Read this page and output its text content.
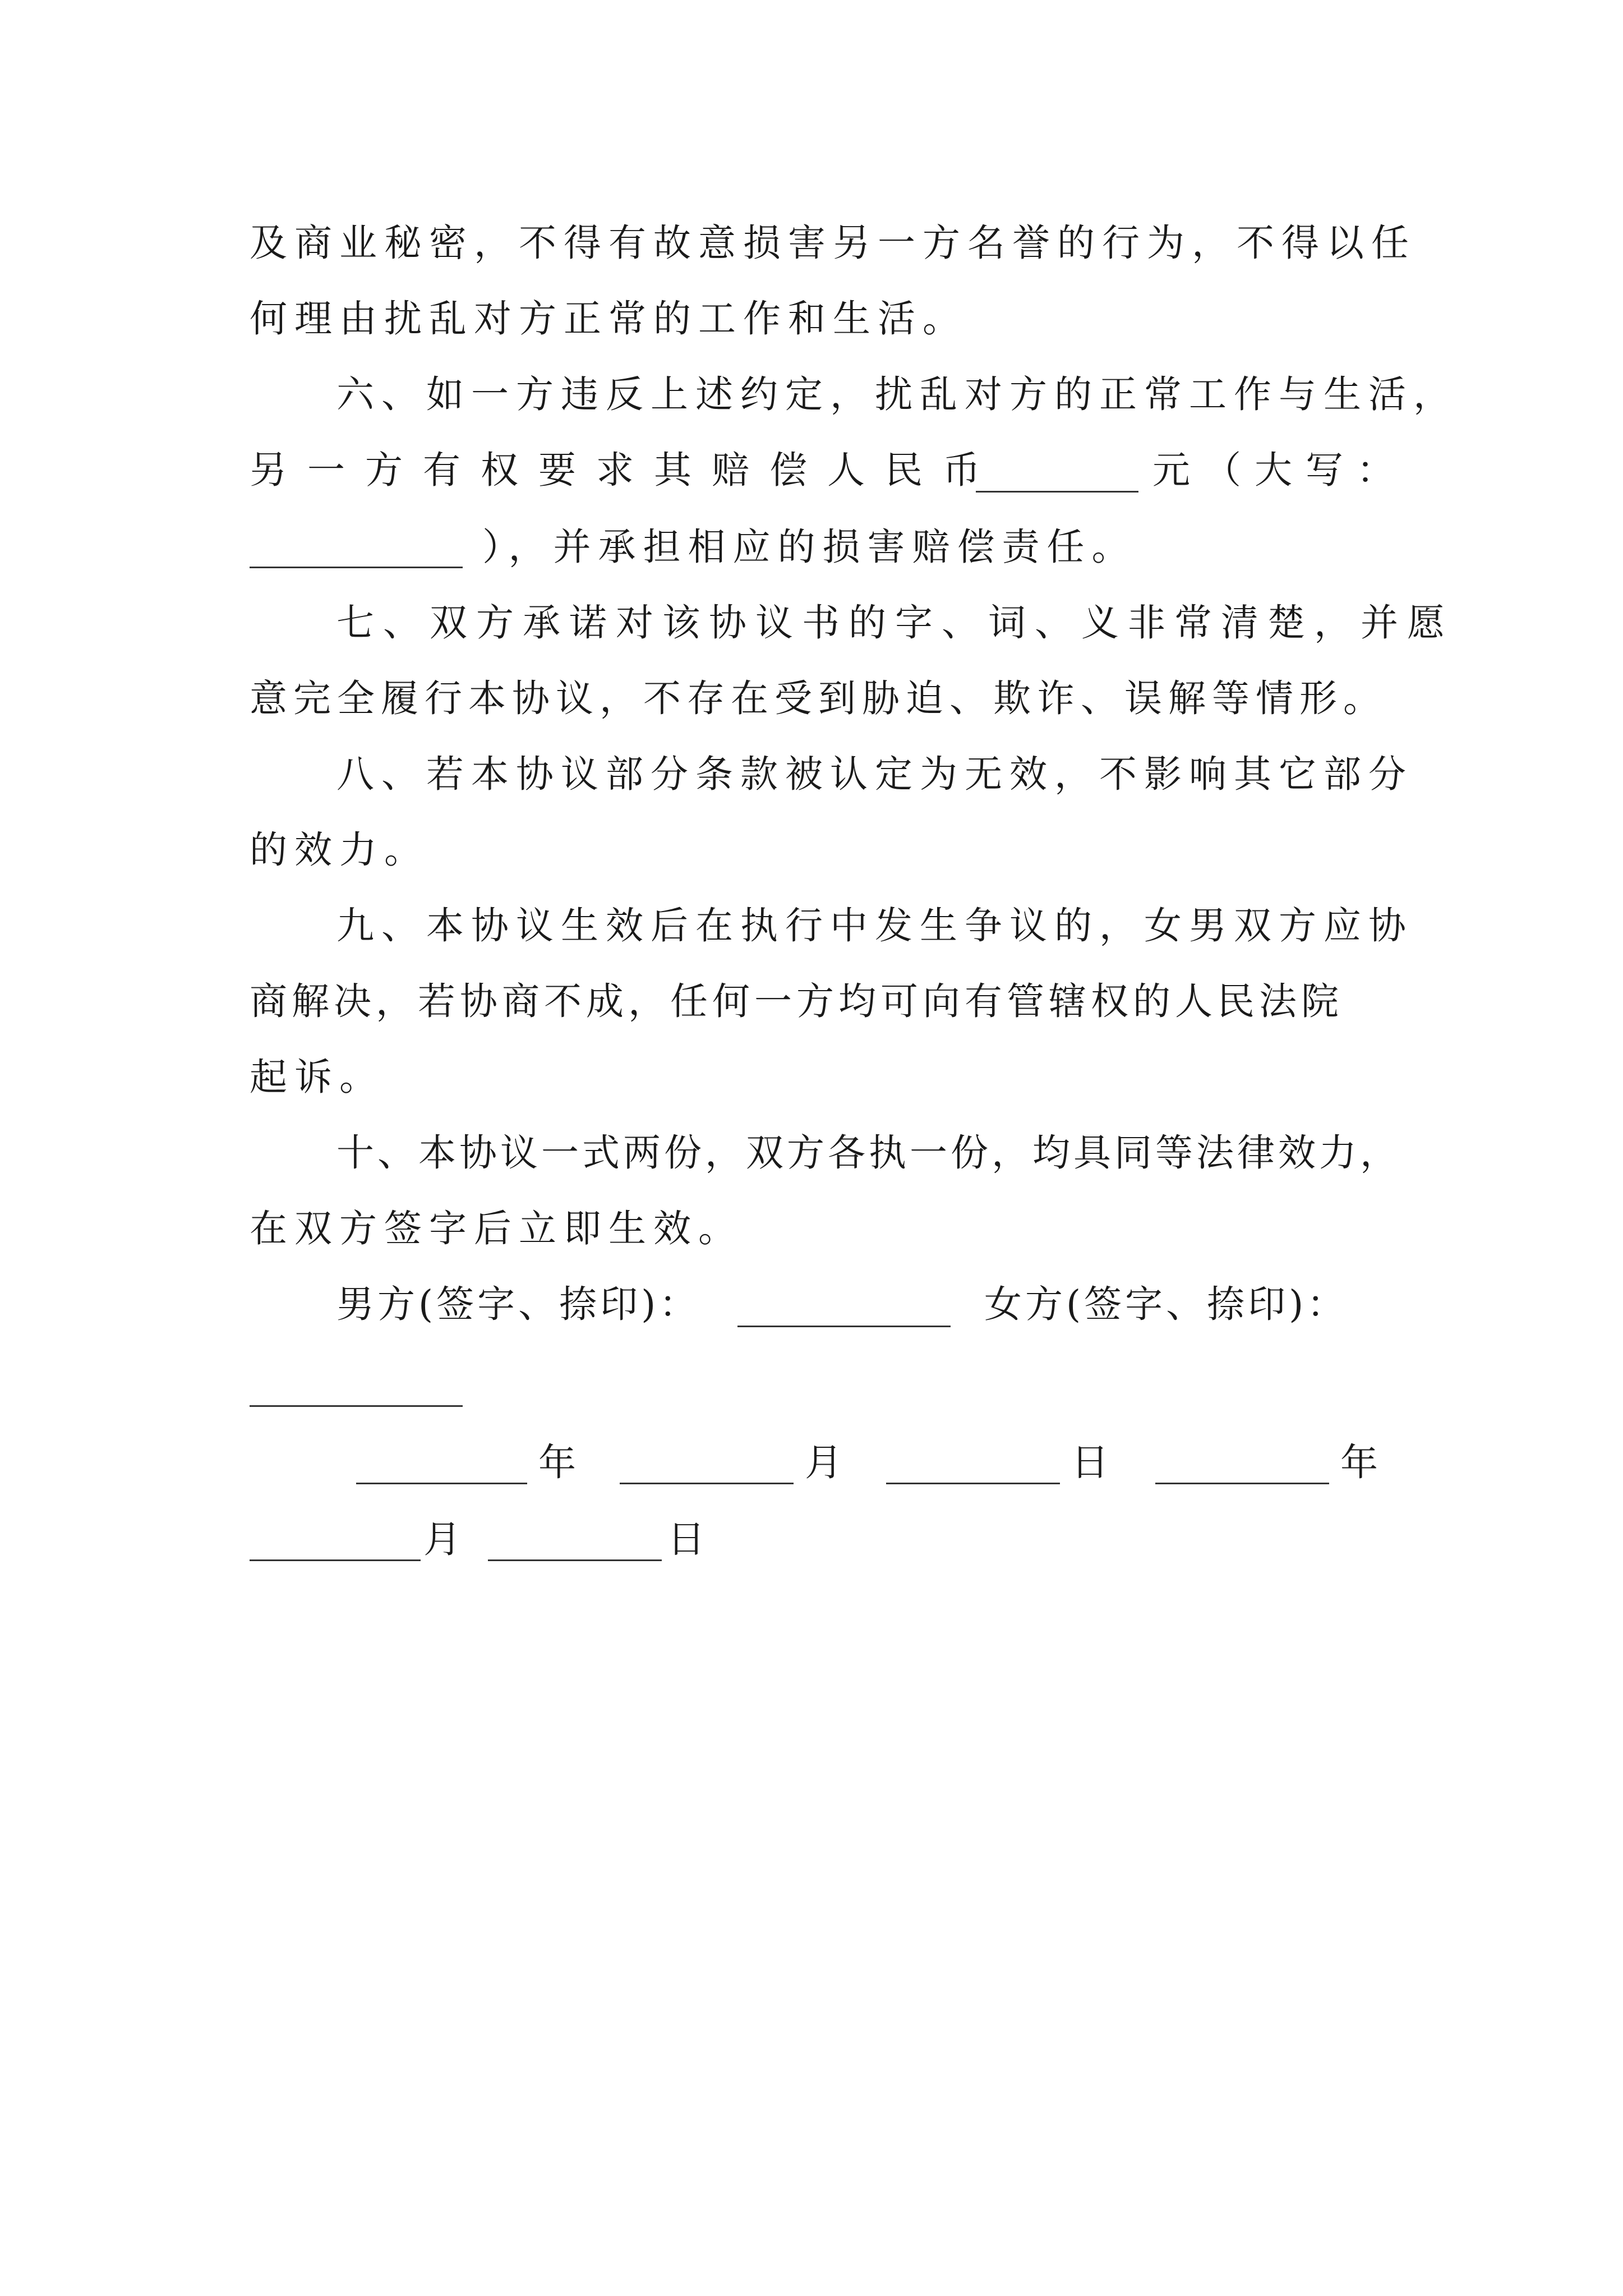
及商业秘密，不得有故意损害另一方名誉的行为，不得以任
何理由扰乱对方正常的工作和生活。
六、如一方违反上述约定，扰乱对方的正常工作与生活，
另一方有权要求其赔偿人民币	元（大写：
），并承担相应的损害赔偿责任。
七、双方承诺对该协议书的字、词、义非常清楚，并愿
意完全履行本协议，不存在受到胁迫、欺诈、误解等情形。
八、若本协议部分条款被认定为无效，不影响其它部分
的效力。
九、本协议生效后在执行中发生争议的，女男双方应协
商解决，若协商不成，任何一方均可向有管辖权的人民法院
起诉。
十、本协议一式两份，双方各执一份，均具同等法律效力，
在双方签字后立即生效。
男方(签字、捺印)：	女方(签字、捺印)：
年	月	日	年
月	日
